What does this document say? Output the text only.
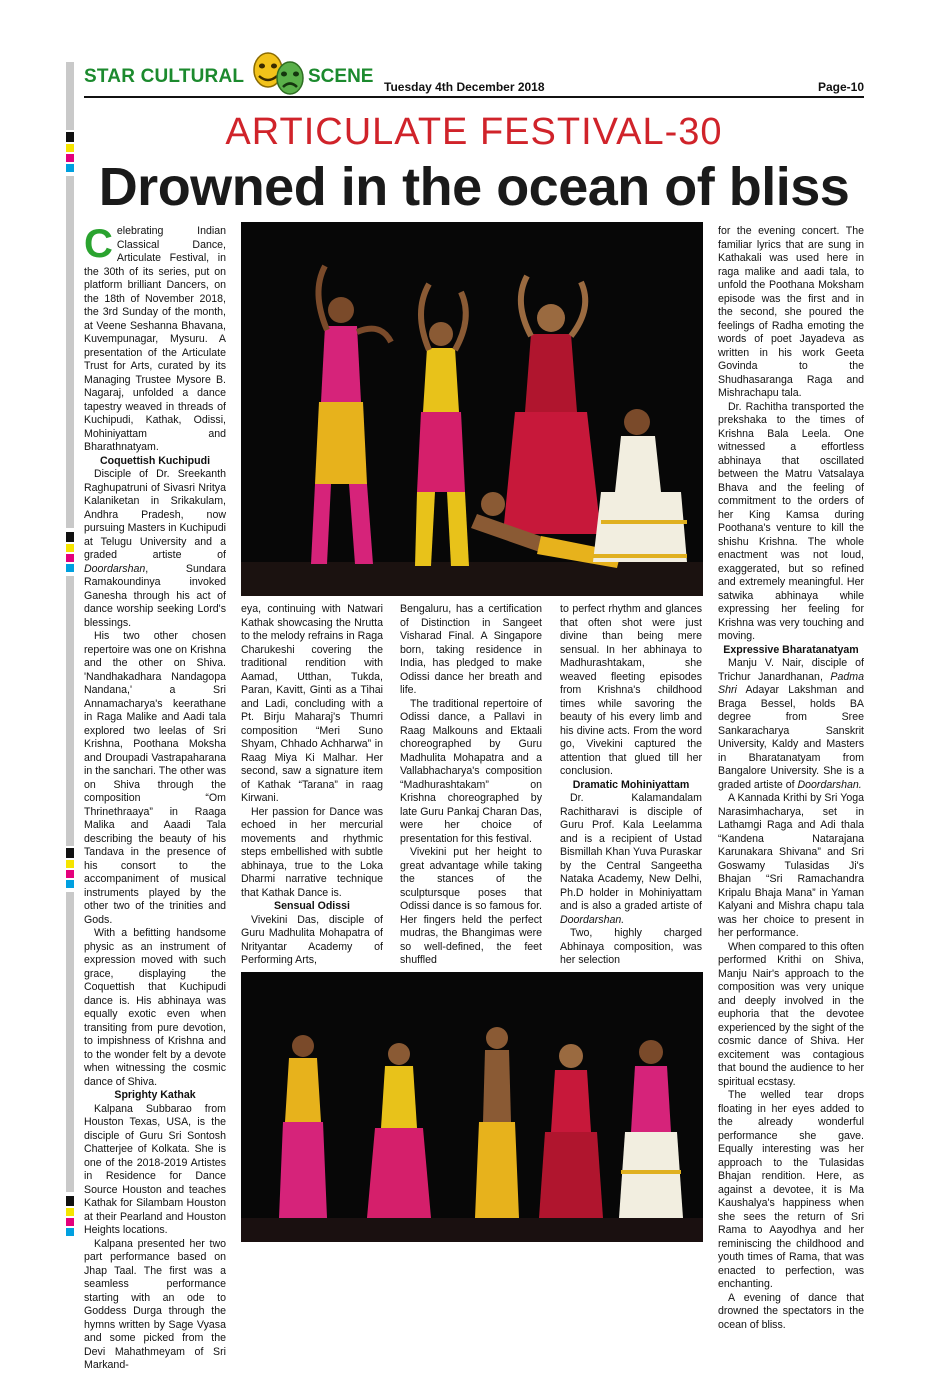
STAR CULTURAL	SCENE Tuesday 4th December 2018	Page-10
ARTICULATE FESTIVAL-30
Drowned in the ocean of bliss

Celebrating Indian Classical Dance, Articulate Festival, in the 30th of its series, put on platform brilliant Dancers, on the 18th of November 2018, the 3rd Sunday of the month, at Veene Seshanna Bhavana, Kuvempunagar, Mysuru. A presentation of the Articulate Trust for Arts, curated by its Managing Trustee Mysore B. Nagaraj, unfolded a dance tapestry weaved in threads of Kuchipudi, Kathak, Odissi, Mohiniyattam and Bharathnatyam.

Coquettish Kuchipudi

Disciple of Dr. Sreekanth Raghupatruni of Sivasri Nritya Kalaniketan in Srikakulam, Andhra Pradesh, now pursuing Masters in Kuchipudi at Telugu University and a graded artiste of Doordarshan, Sundara Ramakoundinya invoked Ganesha through his act of dance worship seeking Lord's blessings.

His two other chosen repertoire was one on Krishna and the other on Shiva. 'Nandhakadhara Nandagopa Nandana,' a Sri Annamacharya's keerathane in Raga Malike and Aadi tala explored two leelas of Sri Krishna, Poothana Moksha and Droupadi Vastrapaharana in the sanchari. The other was on Shiva through the composition “Om Thrinethraaya” in Raaga Malika and Aaadi Tala describing the beauty of his Tandava in the presence of his consort to the accompaniment of musical instruments played by the other two of the trinities and Gods.

With a befitting handsome physic as an instrument of expression moved with such grace, displaying the Coquettish that Kuchipudi dance is. His abhinaya was equally exotic even when transiting from pure devotion, to impishness of Krishna and to the wonder felt by a devote when witnessing the cosmic dance of Shiva.

Sprighty Kathak

Kalpana Subbarao from Houston Texas, USA, is the disciple of Guru Sri Sontosh Chatterjee of Kolkata. She is one of the 2018-2019 Artistes in Residence for Dance Source Houston and teaches Kathak for Silambam Houston at their Pearland and Houston Heights locations.

Kalpana presented her two part performance based on Jhap Taal. The first was a seamless performance starting with an ode to Goddess Durga through the hymns written by Sage Vyasa and some picked from the Devi Mahathmeyam of Sri Markand-

eya, continuing with Natwari Kathak showcasing the Nrutta to the melody refrains in Raga Charukeshi covering the traditional rendition with Aamad, Utthan, Tukda, Paran, Kavitt, Ginti as a Tihai and Ladi, concluding with a Pt. Birju Maharaj's Thumri composition “Meri Suno Shyam, Chhado Achharwa” in Raag Miya Ki Malhar. Her second, saw a signature item of Kathak “Tarana” in raag Kirwani.

Her passion for Dance was echoed in her mercurial movements and rhythmic steps embellished with subtle abhinaya, true to the Loka Dharmi narrative technique that Kathak Dance is.

Sensual Odissi

Vivekini Das, disciple of Guru Madhulita Mohapatra of Nrityantar Academy of Performing Arts,

Bengaluru, has a certification of Distinction in Sangeet Visharad Final. A Singapore born, taking residence in India, has pledged to make Odissi dance her breath and life.

The traditional repertoire of Odissi dance, a Pallavi in Raag Malkouns and Ektaali choreographed by Guru Madhulita Mohapatra and a Vallabhacharya's composition “Madhurashtakam” on Krishna choreographed by late Guru Pankaj Charan Das, were her choice of presentation for this festival.

Vivekini put her height to great advantage while taking the stances of the sculptursque poses that Odissi dance is so famous for. Her fingers held the perfect mudras, the Bhangimas were so well-defined, the feet shuffled

to perfect rhythm and glances that often shot were just divine than being mere sensual. In her abhinaya to Madhurashtakam, she weaved fleeting episodes from Krishna's childhood times while savoring the beauty of his every limb and his divine acts. From the word go, Vivekini captured the attention that glued till her conclusion.

Dramatic Mohiniyattam

Dr. Kalamandalam Rachitharavi is disciple of Guru Prof. Kala Leelamma and is a recipient of Ustad Bismillah Khan Yuva Puraskar by the Central Sangeetha Nataka Academy, New Delhi, Ph.D holder in Mohiniyattam and is also a graded artiste of Doordarshan.

Two, highly charged Abhinaya composition, was her selection

for the evening concert. The familiar lyrics that are sung in Kathakali was used here in raga malike and aadi tala, to unfold the Poothana Moksham episode was the first and in the second, she poured the feelings of Radha emoting the words of poet Jayadeva as written in his work Geeta Govinda to the Shudhasaranga Raga and Mishrachapu tala.

Dr. Rachitha transported the prekshaka to the times of Krishna Bala Leela. One witnessed a effortless abhinaya that oscillated between the Matru Vatsalaya Bhava and the feeling of commitment to the orders of her King Kamsa during Poothana's venture to kill the shishu Krishna. The whole enactment was not loud, exaggerated, but so refined and extremely meaningful. Her satwika abhinaya while expressing her feeling for Krishna was very touching and moving.

Expressive Bharatanatyam

Manju V. Nair, disciple of Trichur Janardhanan, Padma Shri Adayar Lakshman and Braga Bessel, holds BA degree from Sree Sankaracharya Sanskrit University, Kaldy and Masters in Bharatanatyam from Bangalore University. She is a graded artiste of Doordarshan.

A Kannada Krithi by Sri Yoga Narasimhacharya, set in Lathamgi Raga and Adi thala “Kandena Natarajana Karunakara Shivana” and Sri Goswamy Tulasidas Ji's Bhajan “Sri Ramachandra Kripalu Bhaja Mana” in Yaman Kalyani and Mishra chapu tala was her choice to present in her performance.

When compared to this often performed Krithi on Shiva, Manju Nair's approach to the composition was very unique and deeply involved in the euphoria that the devotee experienced by the sight of the cosmic dance of Shiva. Her excitement was contagious that bound the audience to her spiritual ecstasy.

The welled tear drops floating in her eyes added to the already wonderful performance she gave. Equally interesting was her approach to the Tulasidas Bhajan rendition. Here, as against a devotee, it is Ma Kaushalya's happiness when she sees the return of Sri Rama to Aayodhya and her reminiscing the childhood and youth times of Rama, that was enacted to perfection, was enchanting.

A evening of dance that drowned the spectators in the ocean of bliss.
